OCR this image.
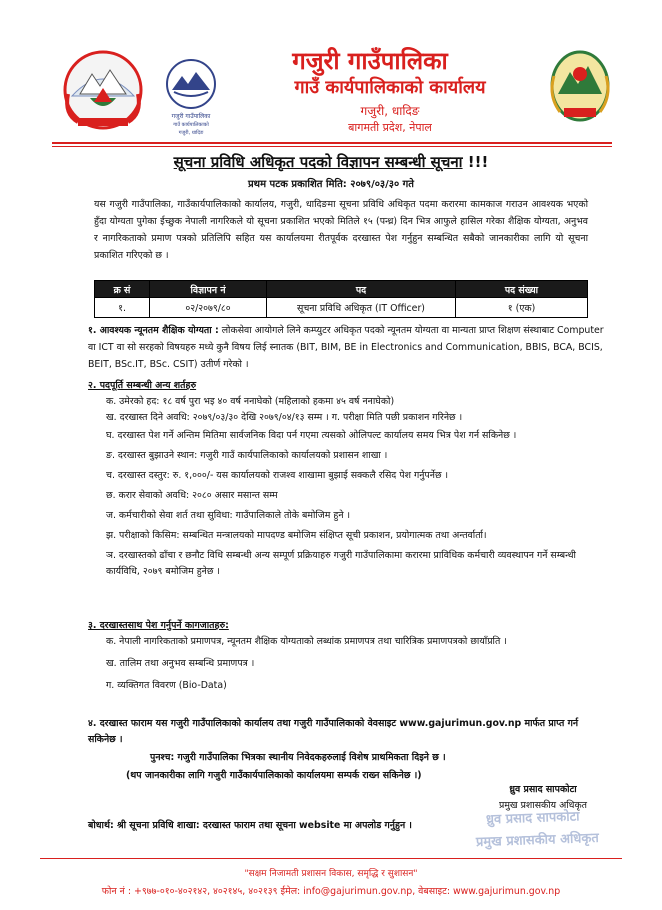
गजुरी गाउँपालिका
गाउँ कार्यपालिकाको
गजुरी, धादिङ
गजुरी गाउँपालिका
गाउँ कार्यपालिकाको कार्यालय
गजुरी, धादिङ
बागमती प्रदेश, नेपाल
सूचना प्रविधि अधिकृत पदको विज्ञापन सम्बन्धी सूचना !!!
प्रथम पटक प्रकाशित मिति: २०७९/०३/३० गते
यस गजुरी गाउँपालिका, गाउँकार्यपालिकाको कार्यालय, गजुरी, धादिङमा सूचना प्रविधि अधिकृत पदमा करारमा कामकाज गराउन आवश्यक भएको हुँदा योग्यता पुगेका ईच्छुक नेपाली नागरिकले यो सूचना प्रकाशित भएको मितिले १५ (पन्ध्र) दिन भित्र आफुले हासिल गरेका शैक्षिक योग्यता, अनुभव र नागरिकताको प्रमाण पत्रको प्रतिलिपि सहित यस कार्यालयमा रीतपूर्वक दरखास्त पेश गर्नुहुन सम्बन्धित सबैको जानकारीका लागि यो सूचना प्रकाशित गरिएको छ ।
क्र सं	विज्ञापन नं	पद	पद संख्या
१.	०२/२०७९/८०	सूचना प्रविधि अधिकृत (IT Officer)	१ (एक)
१. आवश्यक न्यूनतम शैक्षिक योग्यता : लोकसेवा आयोगले लिने कम्प्युटर अधिकृत पदको न्यूनतम योग्यता वा मान्यता प्राप्त शिक्षण संस्थाबाट Computer वा ICT वा सो सरहको विषयहरु मध्ये कुनै विषय लिई स्नातक (BIT, BIM, BE in Electronics and Communication, BBIS, BCA, BCIS, BEIT, BSc.IT, BSc. CSIT) उतीर्ण गरेको ।
२. पदपूर्ति सम्बन्धी अन्य शर्तहरु
क. उमेरको हद: १८ वर्ष पुरा भइ ४० वर्ष ननाघेको (महिलाको हकमा ४५ वर्ष ननाघेको)
ख. दरखास्त दिने अवधि: २०७९/०३/३० देखि २०७९/०४/१३ सम्म । ग. परीक्षा मिति पछी प्रकाशन गरिनेछ ।
घ. दरखास्त पेश गर्ने अन्तिम मितिमा सार्वजनिक विदा पर्न गएमा त्यसको ओलिपल्ट कार्यालय समय भित्र पेश गर्न सकिनेछ ।
ङ. दरखास्त बुझाउने स्थान: गजुरी गाउँ कार्यपालिकाको कार्यालयको प्रशासन शाखा ।
च. दरखास्त दस्तुर: रु. १,०००/- यस कार्यालयको राजश्व शाखामा बुझाई सक्कलै रसिद पेश गर्नुपर्नेछ ।
छ. करार सेवाको अवधि: २०८० असार मसान्त सम्म
ज. कर्मचारीको सेवा शर्त तथा सुविधा: गाउँपालिकाले तोके बमोजिम हुने ।
झ. परीक्षाको किसिम: सम्बन्धित मन्त्रालयको मापदण्ड बमोजिम संक्षिप्त सूची प्रकाशन, प्रयोगात्मक तथा अन्तर्वार्ता।
ञ. दरखास्तको ढाँचा र छनौट विधि सम्बन्धी अन्य सम्पूर्ण प्रक्रियाहरु गजुरी गाउँपालिकामा करारमा प्राविधिक कर्मचारी व्यवस्थापन गर्ने सम्बन्धी कार्यविधि, २०७९ बमोजिम हुनेछ ।
३. दरखास्तसाथ पेश गर्नुपर्ने कागजातहरु:
क. नेपाली नागरिकताको प्रमाणपत्र, न्यूनतम शैक्षिक योग्यताको लब्धांक प्रमाणपत्र तथा चारित्रिक प्रमाणपत्रको छायाँप्रति ।
ख. तालिम तथा अनुभव सम्बन्धि प्रमाणपत्र ।
ग. व्यक्तिगत विवरण (Bio-Data)
४. दरखास्त फाराम यस गजुरी गाउँपालिकाको कार्यालय तथा गजुरी गाउँपालिकाको वेवसाइट www.gajurimun.gov.np मार्फत प्राप्त गर्न सकिनेछ ।
पुनश्च: गजुरी गाउँपालिका भित्रका स्थानीय निवेदकहरुलाई विशेष प्राथमिकता दिइने छ ।
(थप जानकारीका लागि गजुरी गाउँकार्यपालिकाको कार्यालयमा सम्पर्क राख्न सकिनेछ ।)
ध्रुव प्रसाद सापकोटा
प्रमुख प्रशासकीय अधिकृत
बोधार्थ: श्री सूचना प्रविधि शाखा: दरखास्त फाराम तथा सूचना website मा अपलोड गर्नुहुन ।	ध्रुव प्रसाद सापकोटा
प्रमुख प्रशासकीय अधिकृत
"सक्षम निजामती प्रशासन विकास, समृद्धि र सुशासन"
फोन नं : +९७७-०१०-४०२१४२, ४०२१४५, ४०२१३९ ईमेल: info@gajurimun.gov.np, वेबसाइट: www.gajurimun.gov.np
